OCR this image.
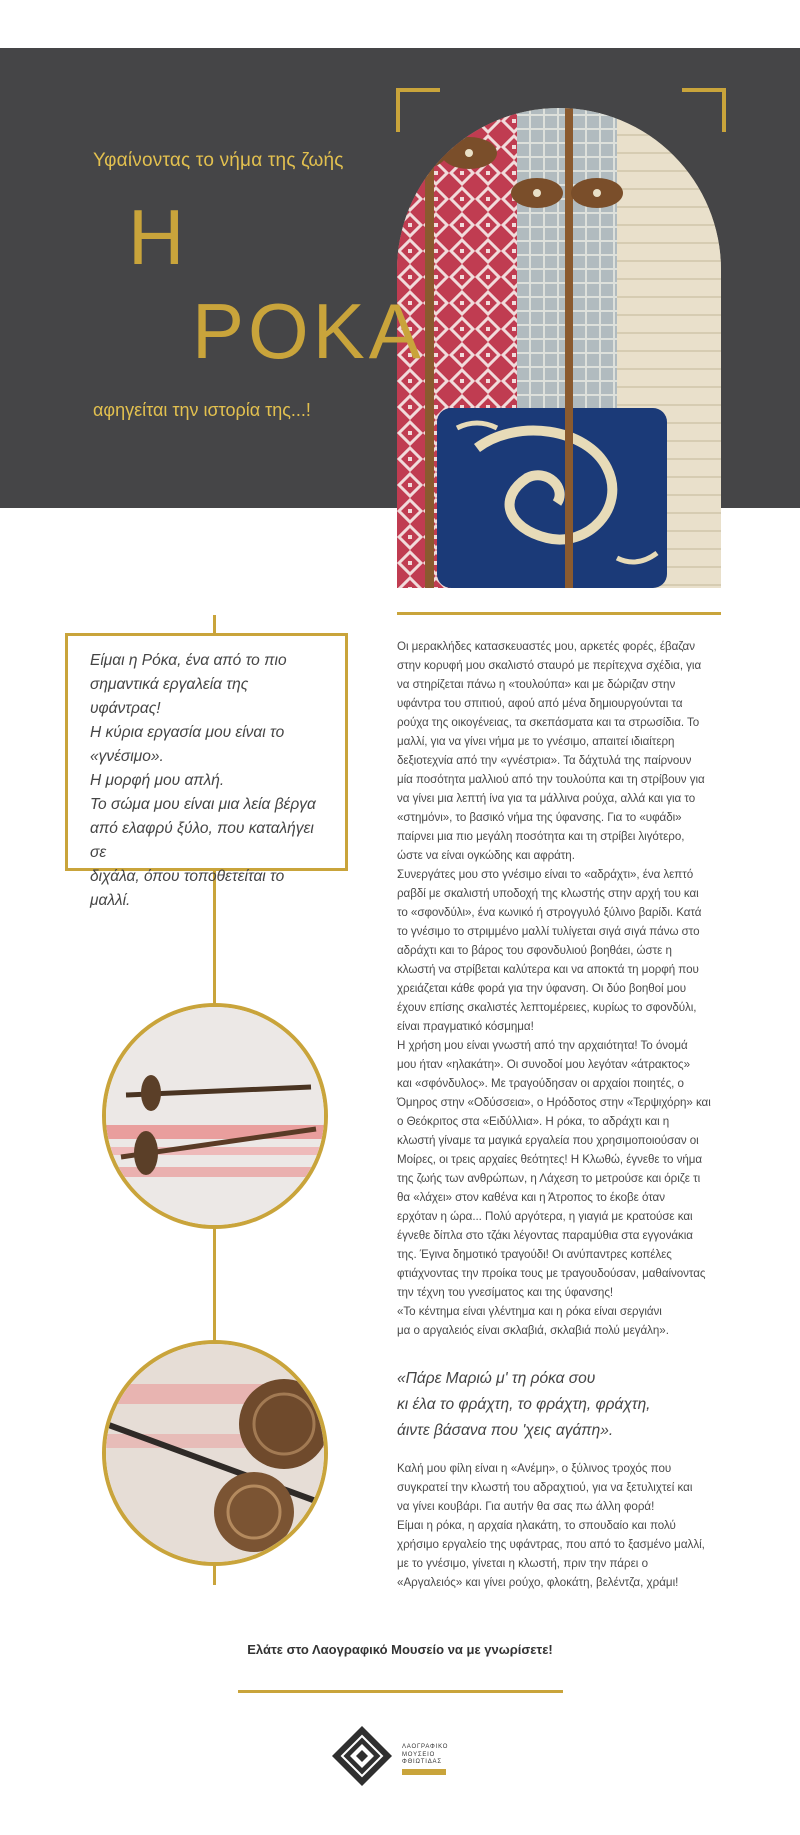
Υφαίνοντας το νήμα της ζωής
Η
ΡΟΚΑ
αφηγείται την ιστορία της...!

Είμαι η Ρόκα, ένα από το πιο

σημαντικά εργαλεία της υφάντρας!

Η κύρια εργασία μου είναι το

«γνέσιμο».

Η μορφή μου απλή.

Το σώμα μου είναι μια λεία βέργα

από ελαφρύ ξύλο, που καταλήγει σε

διχάλα, όπου τοποθετείται το μαλλί.

Οι μερακλήδες κατασκευαστές μου, αρκετές φορές, έβαζαν

στην κορυφή μου σκαλιστό σταυρό με περίτεχνα σχέδια, για

να στηρίζεται πάνω η «τουλούπα» και με δώριζαν στην

υφάντρα του σπιτιού, αφού από μένα δημιουργούνται τα

ρούχα της οικογένειας, τα σκεπάσματα και τα στρωσίδια. Το

μαλλί, για να γίνει νήμα με το γνέσιμο, απαιτεί ιδιαίτερη

δεξιοτεχνία από την «γνέστρια». Τα δάχτυλά της παίρνουν

μία ποσότητα μαλλιού από την τουλούπα και τη στρίβουν για

να γίνει μια λεπτή ίνα για τα μάλλινα ρούχα, αλλά και για το

«στημόνι», το βασικό νήμα της ύφανσης. Για το «υφάδι»

παίρνει μια πιο μεγάλη ποσότητα και τη στρίβει λιγότερο,

ώστε να είναι ογκώδης και αφράτη.

Συνεργάτες μου στο γνέσιμο είναι το «αδράχτι», ένα λεπτό

ραβδί με σκαλιστή υποδοχή της κλωστής στην αρχή του και

το «σφονδύλι», ένα κωνικό ή στρογγυλό ξύλινο βαρίδι. Κατά

το γνέσιμο το στριμμένο μαλλί τυλίγεται σιγά σιγά πάνω στο

αδράχτι και το βάρος του σφονδυλιού βοηθάει, ώστε η

κλωστή να στρίβεται καλύτερα και να αποκτά τη μορφή που

χρειάζεται κάθε φορά για την ύφανση. Οι δύο βοηθοί μου

έχουν επίσης σκαλιστές λεπτομέρειες, κυρίως το σφονδύλι,

είναι πραγματικό κόσμημα!

Η χρήση μου είναι γνωστή από την αρχαιότητα! Το όνομά

μου ήταν «ηλακάτη». Οι συνοδοί μου λεγόταν «άτρακτος»

και «σφόνδυλος». Με τραγούδησαν οι αρχαίοι ποιητές, ο

Όμηρος στην «Οδύσσεια», ο Ηρόδοτος στην «Τερψιχόρη» και

ο Θεόκριτος στα «Ειδύλλια». Η ρόκα, το αδράχτι και η

κλωστή γίναμε τα μαγικά εργαλεία που χρησιμοποιούσαν οι

Μοίρες, οι τρεις αρχαίες θεότητες! Η Κλωθώ, έγνεθε το νήμα

της ζωής των ανθρώπων, η Λάχεση το μετρούσε και όριζε τι

θα «λάχει» στον καθένα και η Άτροπος το έκοβε όταν

ερχόταν η ώρα... Πολύ αργότερα, η γιαγιά με κρατούσε και

έγνεθε δίπλα στο τζάκι λέγοντας παραμύθια στα εγγονάκια

της. Έγινα δημοτικό τραγούδι! Οι ανύπαντρες κοπέλες

φτιάχνοντας την προίκα τους με τραγουδούσαν, μαθαίνοντας

την τέχνη του γνεσίματος και της ύφανσης!

«Το κέντημα είναι γλέντημα και η ρόκα είναι σεργιάνι

μα ο αργαλειός είναι σκλαβιά, σκλαβιά πολύ μεγάλη».

«Πάρε Μαριώ μ' τη ρόκα σου

κι έλα το φράχτη, το φράχτη, φράχτη,

άιντε βάσανα που 'χεις αγάπη».

Καλή μου φίλη είναι η «Ανέμη», ο ξύλινος τροχός που

συγκρατεί την κλωστή του αδραχτιού, για να ξετυλιχτεί και

να γίνει κουβάρι. Για αυτήν θα σας πω άλλη φορά!

Είμαι η ρόκα, η αρχαία ηλακάτη, το σπουδαίο και πολύ

χρήσιμο εργαλείο της υφάντρας, που από το ξασμένο μαλλί,

με το γνέσιμο, γίνεται η κλωστή, πριν την πάρει ο

«Αργαλειός» και γίνει ρούχο, φλοκάτη, βελέντζα, χράμι!

Ελάτε στο Λαογραφικό Μουσείο να με γνωρίσετε!
ΛΑΟΓΡΑΦΙΚΟ
ΜΟΥΣΕΙΟ
ΦΘΙΩΤΙΔΑΣ
